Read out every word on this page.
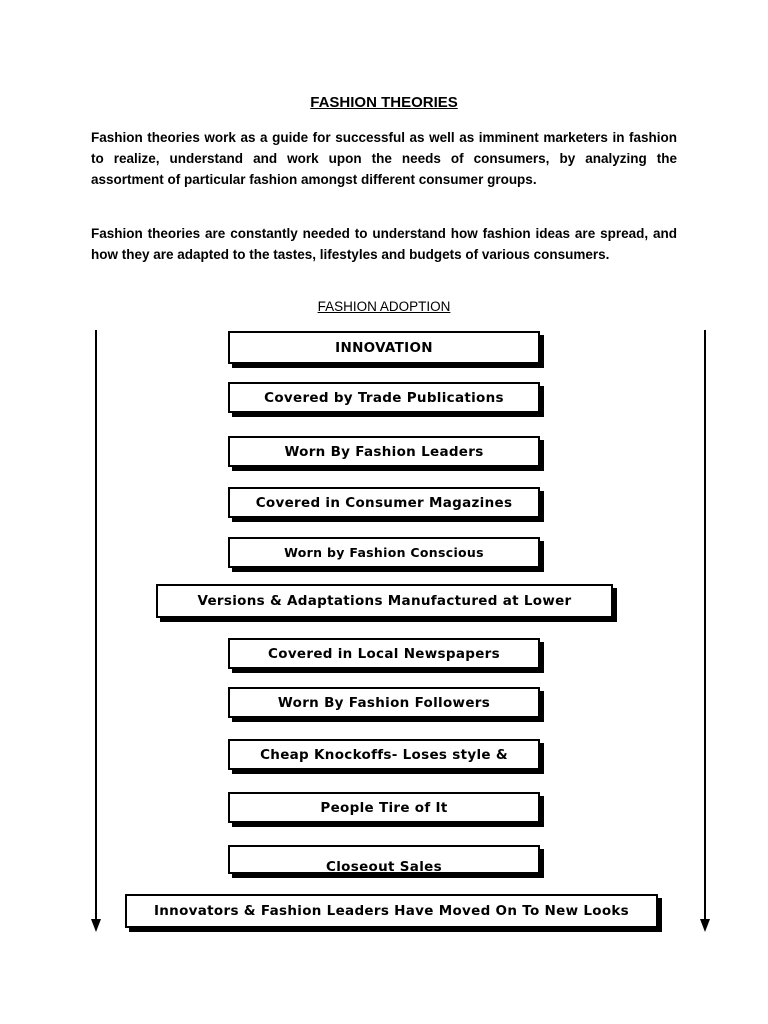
FASHION THEORIES

Fashion theories work as a guide for successful as well as imminent marketers in fashion to realize, understand and work upon the needs of consumers, by analyzing the assortment of particular fashion amongst different consumer groups.

Fashion theories are constantly needed to understand how fashion ideas are spread, and how they are adapted to the tastes, lifestyles and budgets of various consumers.

FASHION ADOPTION
INNOVATION
Covered by Trade Publications
Worn By Fashion Leaders
Covered in Consumer Magazines
Worn by Fashion Conscious
Versions & Adaptations Manufactured at Lower
Covered in Local Newspapers
Worn By Fashion Followers
Cheap Knockoffs- Loses style &
People Tire of It
Closeout Sales
Innovators & Fashion Leaders Have Moved On To New Looks
